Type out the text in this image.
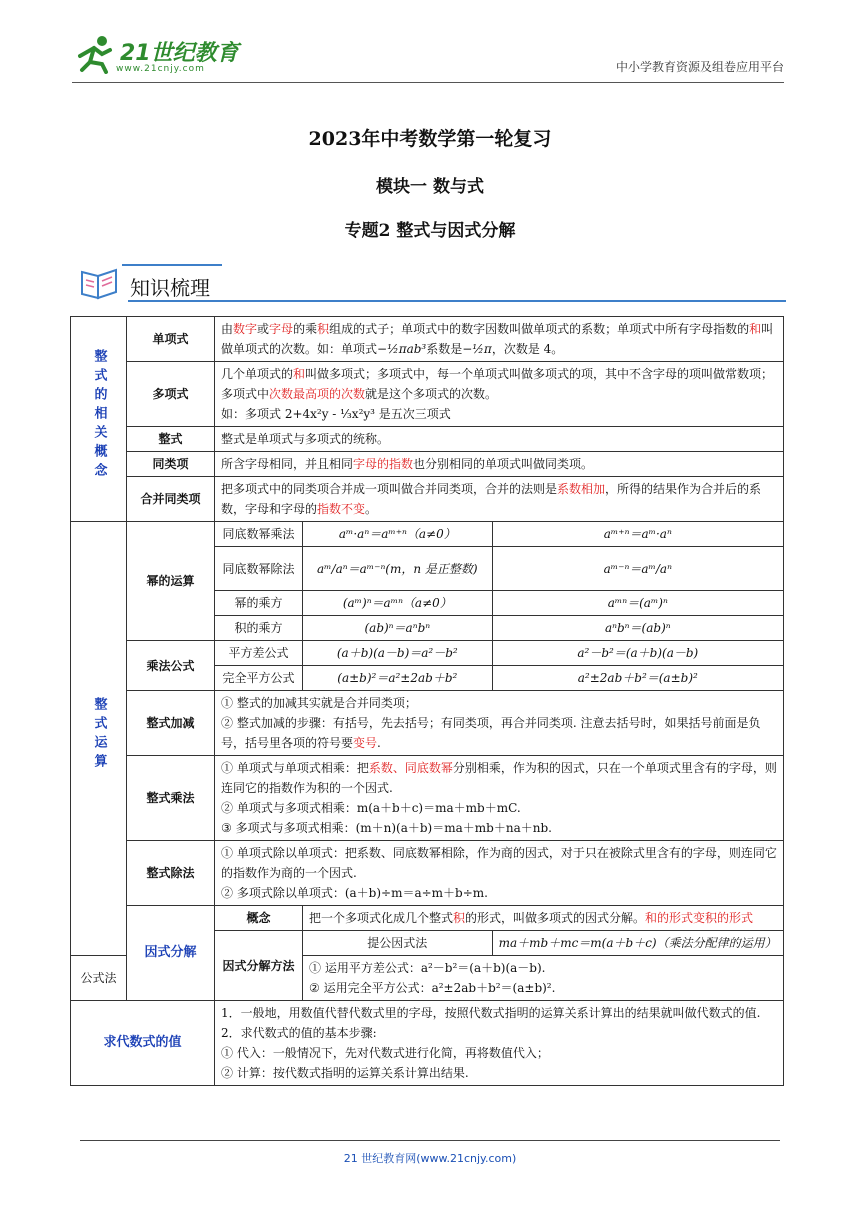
21世纪教育
www.21cnjy.com	中小学教育资源及组卷应用平台
2023年中考数学第一轮复习
模块一 数与式
专题2 整式与因式分解
知识梳理
整式的相关概念	单项式	由数字或字母的乘积组成的式子；单项式中的数字因数叫做单项式的系数；单项式中所有字母指数的和叫做单项式的次数。如：单项式−½πab³系数是−½π，次数是 4。		
	多项式	几个单项式的和叫做多项式；多项式中，每一个单项式叫做多项式的项，其中不含字母的项叫做常数项；多项式中次数最高项的次数就是这个多项式的次数。
如：多项式 2+4x²y - ⅓x²y³ 是五次三项式		
	整式	整式是单项式与多项式的统称。		
	同类项	所含字母相同，并且相同字母的指数也分别相同的单项式叫做同类项。		
	合并同类项	把多项式中的同类项合并成一项叫做合并同类项，合并的法则是系数相加，所得的结果作为合并后的系数，字母和字母的指数不变。		
整式运算	幂的运算	同底数幂乘法	aᵐ·aⁿ＝aᵐ⁺ⁿ（a≠0）	aᵐ⁺ⁿ＝aᵐ·aⁿ
		同底数幂除法	aᵐ/aⁿ＝aᵐ⁻ⁿ(m，n 是正整数)	aᵐ⁻ⁿ＝aᵐ/aⁿ
		幂的乘方	(aᵐ)ⁿ＝aᵐⁿ（a≠0）	aᵐⁿ＝(aᵐ)ⁿ
		积的乘方	(ab)ⁿ＝aⁿbⁿ	aⁿbⁿ＝(ab)ⁿ
	乘法公式	平方差公式	(a＋b)(a－b)＝a²－b²	a²－b²＝(a＋b)(a－b)
		完全平方公式	(a±b)²＝a²±2ab＋b²	a²±2ab＋b²＝(a±b)²
	整式加减	① 整式的加减其实就是合并同类项；
② 整式加减的步骤：有括号，先去括号；有同类项，再合并同类项. 注意去括号时，如果括号前面是负号，括号里各项的符号要变号.		
	整式乘法	① 单项式与单项式相乘：把系数、同底数幂分别相乘，作为积的因式，只在一个单项式里含有的字母，则连同它的指数作为积的一个因式.
② 单项式与多项式相乘：m(a＋b＋c)＝ma＋mb＋mC.
③ 多项式与多项式相乘：(m＋n)(a＋b)＝ma＋mb＋na＋nb.		
	整式除法	① 单项式除以单项式：把系数、同底数幂相除，作为商的因式，对于只在被除式里含有的字母，则连同它的指数作为商的一个因式.
② 多项式除以单项式：(a＋b)÷m＝a÷m＋b÷m.		
	因式分解	概念	把一个多项式化成几个整式积的形式，叫做多项式的因式分解。和的形式变积的形式	
		因式分解方法	提公因式法	ma＋mb＋mc＝m(a＋b＋c)（乘法分配律的运用）
公式法			① 运用平方差公式：a²－b²＝(a＋b)(a－b).
② 运用完全平方公式：a²±2ab＋b²＝(a±b)².	
求代数式的值		1．一般地，用数值代替代数式里的字母，按照代数式指明的运算关系计算出的结果就叫做代数式的值.
2．求代数式的值的基本步骤:
① 代入：一般情况下，先对代数式进行化简，再将数值代入；
② 计算：按代数式指明的运算关系计算出结果.		
21 世纪教育网(www.21cnjy.com)
